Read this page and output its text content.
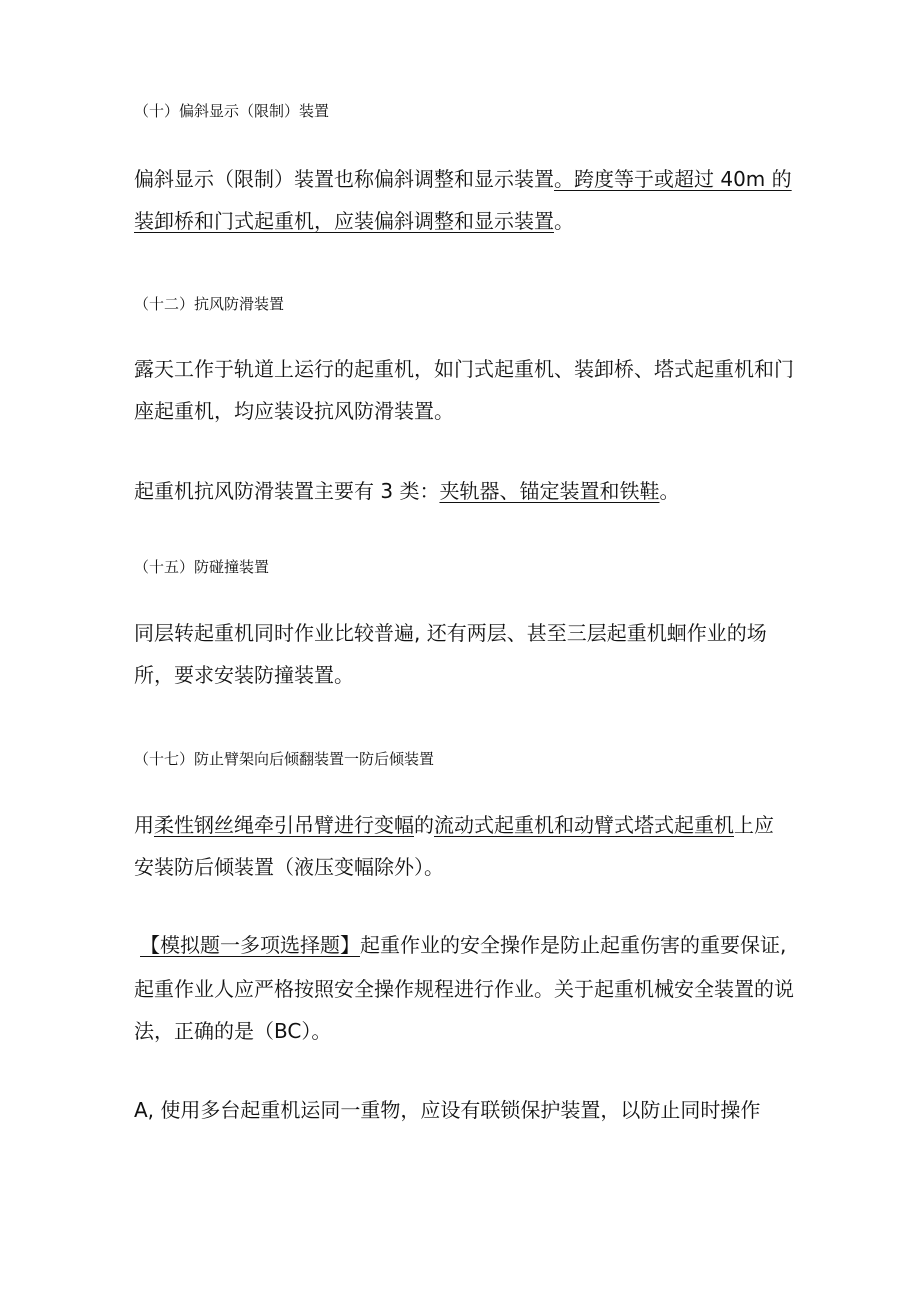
（十）偏斜显示（限制）装置
偏斜显示（限制）装置也称偏斜调整和显示装置。跨度等于或超过 40m 的
装卸桥和门式起重机，应装偏斜调整和显示装置。
（十二）抗风防滑装置
露天工作于轨道上运行的起重机，如门式起重机、装卸桥、塔式起重机和门
座起重机，均应装设抗风防滑装置。
起重机抗风防滑装置主要有 3 类：夹轨器、锚定装置和铁鞋。
（十五）防碰撞装置
同层转起重机同时作业比较普遍, 还有两层、甚至三层起重机蛔作业的场
所，要求安装防撞装置。
（十七）防止臂架向后倾翻装置一防后倾装置
用柔性钢丝绳牵引吊臂进行变幅的流动式起重机和动臂式塔式起重机上应
安装防后倾装置（液压变幅除外）。
【模拟题一多项选择题】起重作业的安全操作是防止起重伤害的重要保证,
起重作业人应严格按照安全操作规程进行作业。关于起重机械安全装置的说
法，正确的是（BC）。
A, 使用多台起重机运同一重物，应设有联锁保护装置，以防止同时操作
